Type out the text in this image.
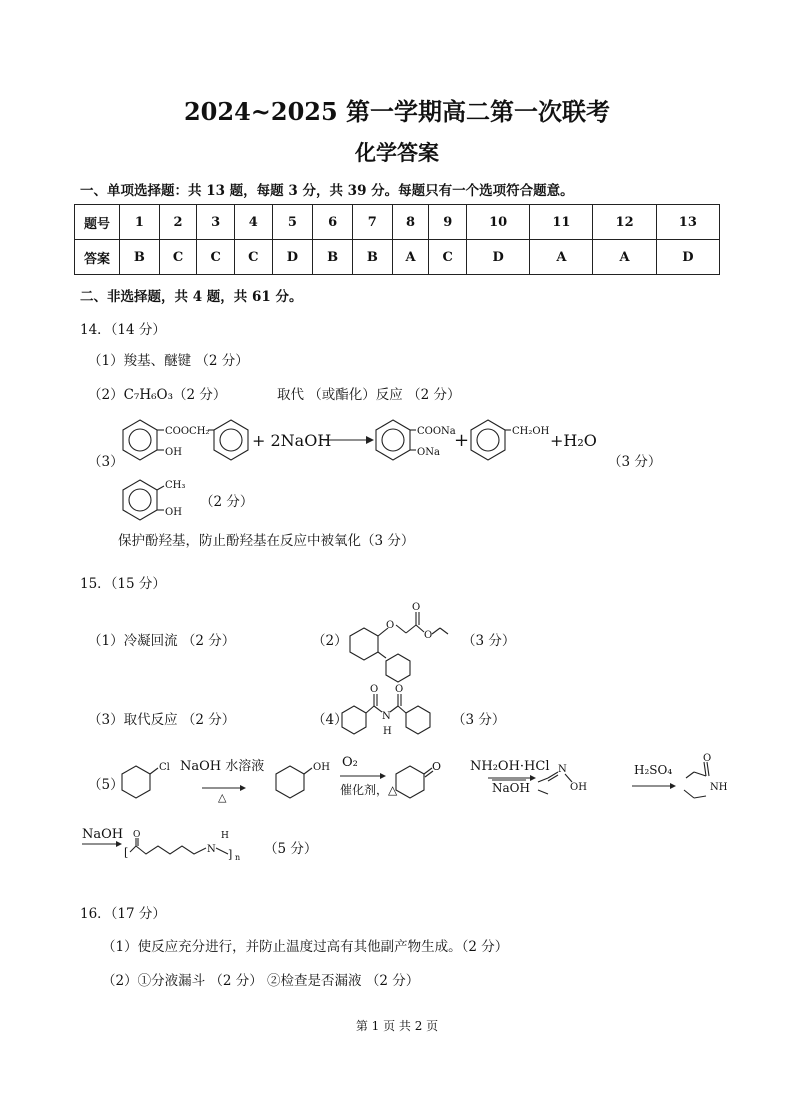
2024~2025 第一学期高二第一次联考
化学答案
一、单项选择题：共 13 题，每题 3 分，共 39 分。每题只有一个选项符合题意。
题号	1	2	3	4	5	6	7	8	9	10	11	12	13
答案	B	C	C	C	D	B	B	A	C	D	A	A	D
二、非选择题，共 4 题，共 61 分。
14．（14 分）
（1）羧基、醚键 （2 分）
（2）C₇H₆O₃（2 分）	取代 （或酯化）反应 （2 分）
（3）	（3 分）
COOCH₂
OH
+ 2NaOH	COONa
ONa
+	CH₂OH +H₂O
CH₃
OH
（2 分）
保护酚羟基，防止酚羟基在反应中被氧化（3 分）
15．（15 分）
（1）冷凝回流 （2 分）	（2）
O
O
O （3 分）
（3）取代反应 （2 分）	（4）
O
N
H
O
（3 分）
（5）
Cl NaOH 水溶液
△
OH O₂
催化剂，△
O NH₂OH·HCl
NaOH
N
OH
H₂SO₄
O
NH
NaOH
[
O	H
N ] n
（5 分）
16．（17 分）
（1）使反应充分进行，并防止温度过高有其他副产物生成。（2 分）
（2）①分液漏斗 （2 分） ②检查是否漏液 （2 分）
第 1 页 共 2 页
